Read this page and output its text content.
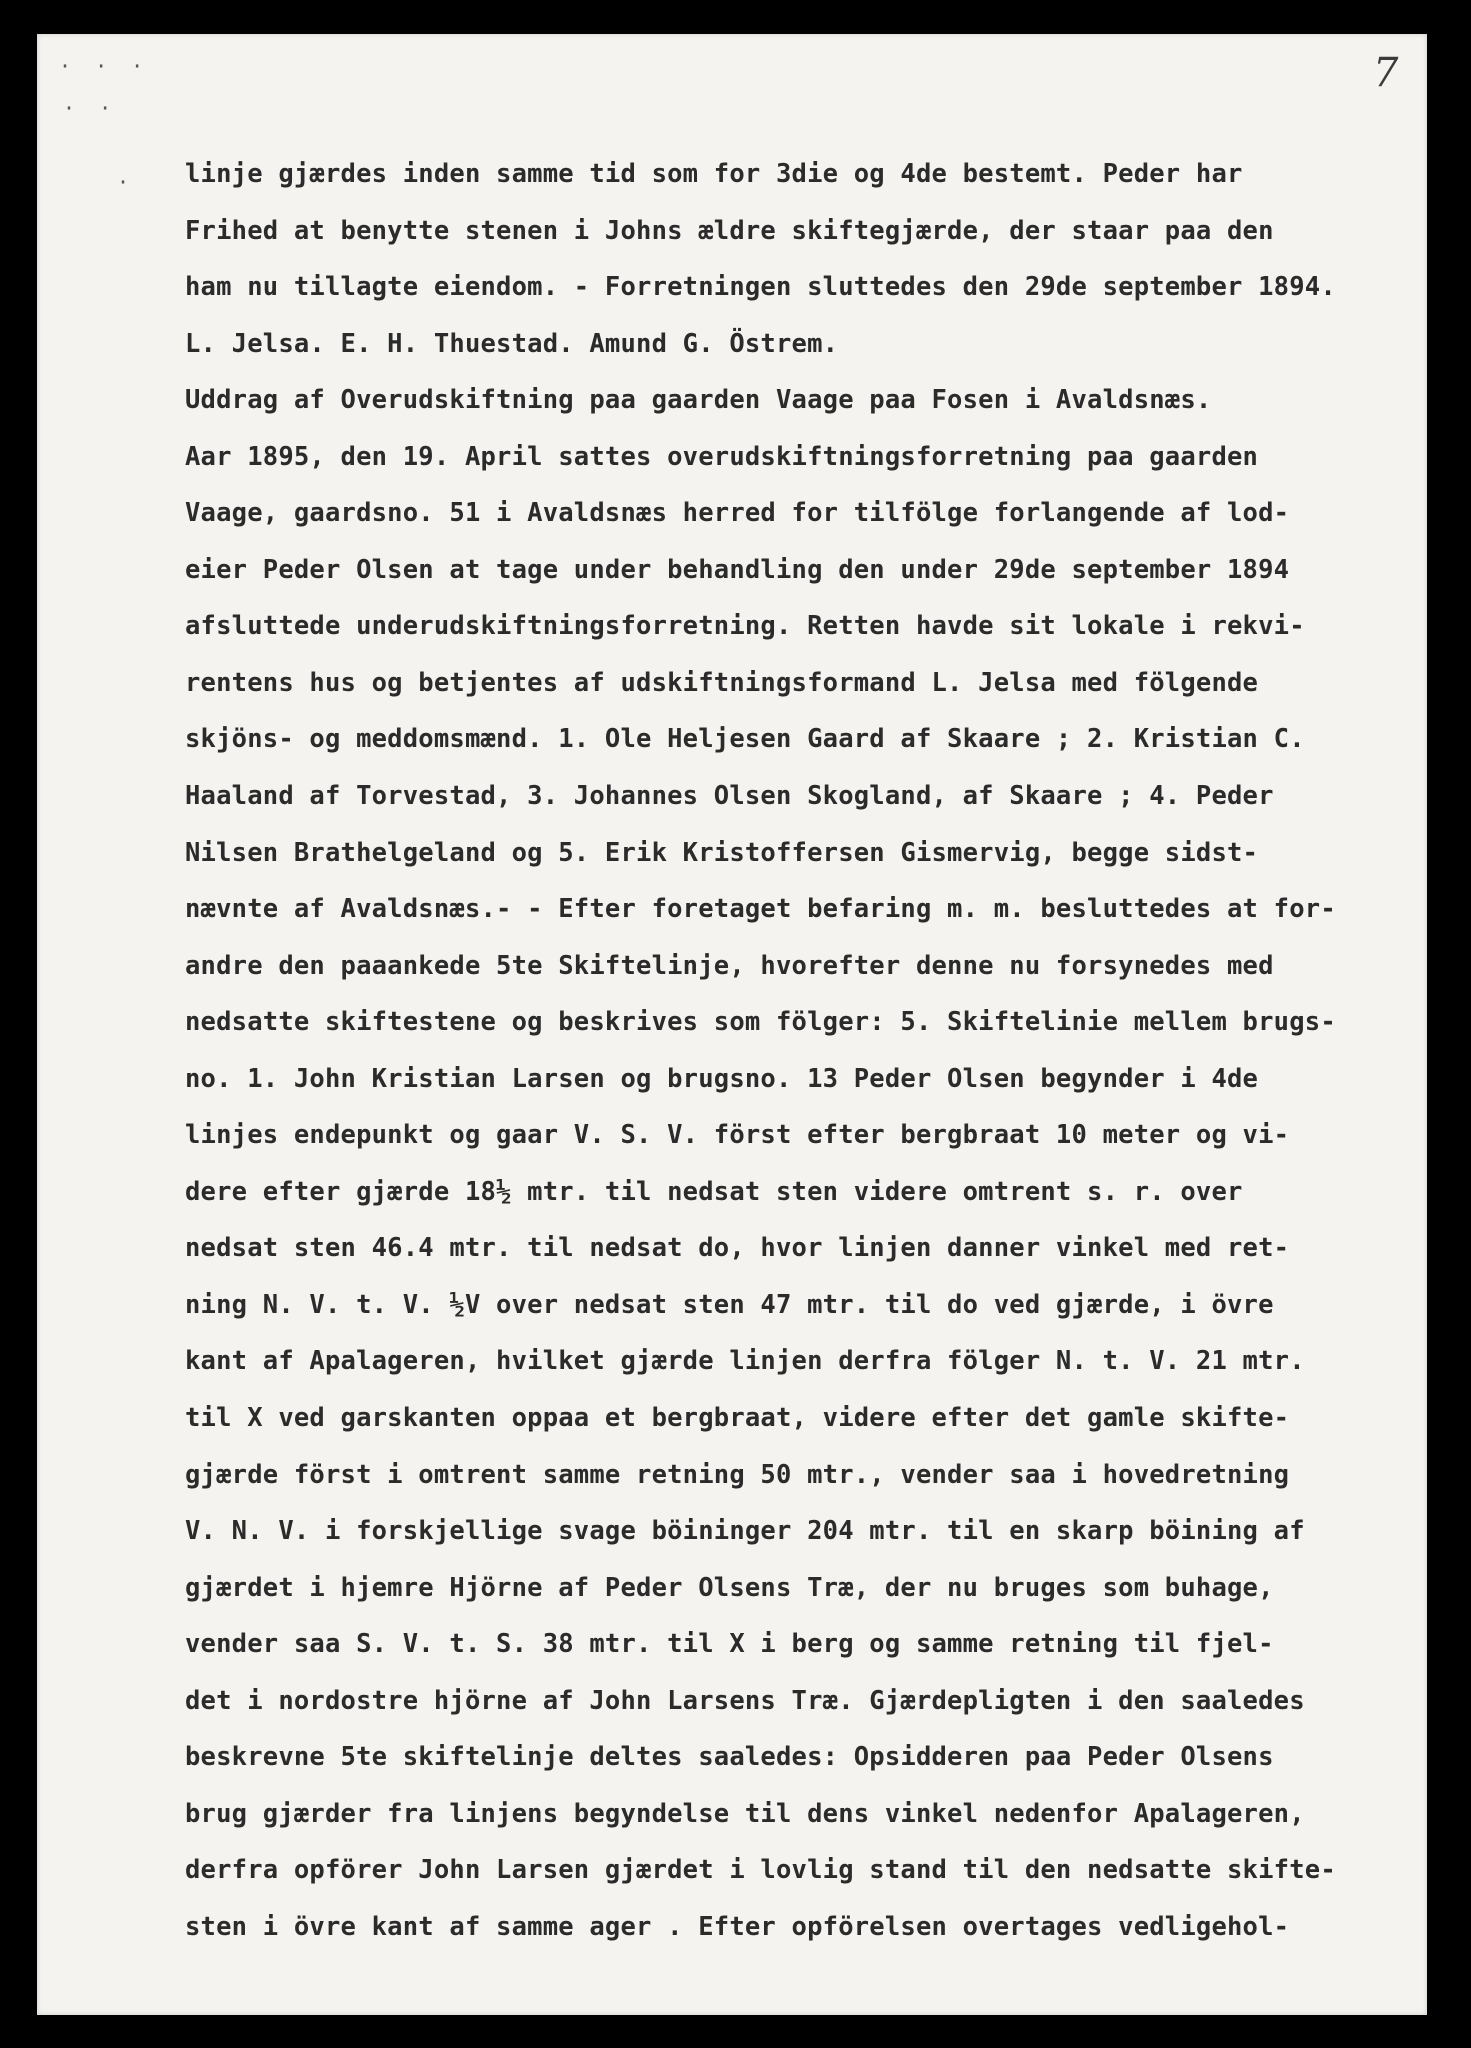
· · ·
· ·
·
7
linje gjærdes inden samme tid som for 3die og 4de bestemt. Peder har
Frihed at benytte stenen i Johns ældre skiftegjærde, der staar paa den
ham nu tillagte eiendom. - Forretningen sluttedes den 29de september 1894.
L. Jelsa. E. H. Thuestad. Amund G. Östrem.
Uddrag af Overudskiftning paa gaarden Vaage paa Fosen i Avaldsnæs.
Aar 1895, den 19. April sattes overudskiftningsforretning paa gaarden
Vaage, gaardsno. 51 i Avaldsnæs herred for tilfölge forlangende af lod-
eier Peder Olsen at tage under behandling den under 29de september 1894
afsluttede underudskiftningsforretning. Retten havde sit lokale i rekvi-
rentens hus og betjentes af udskiftningsformand L. Jelsa med fölgende
skjöns- og meddomsmænd. 1. Ole Heljesen Gaard af Skaare ; 2. Kristian C.
Haaland af Torvestad, 3. Johannes Olsen Skogland, af Skaare ; 4. Peder
Nilsen Brathelgeland og 5. Erik Kristoffersen Gismervig, begge sidst-
nævnte af Avaldsnæs.- - Efter foretaget befaring m. m. besluttedes at for-
andre den paaankede 5te Skiftelinje, hvorefter denne nu forsynedes med
nedsatte skiftestene og beskrives som fölger: 5. Skiftelinie mellem brugs-
no. 1. John Kristian Larsen og brugsno. 13 Peder Olsen begynder i 4de
linjes endepunkt og gaar V. S. V. först efter bergbraat 10 meter og vi-
dere efter gjærde 18½ mtr. til nedsat sten videre omtrent s. r. over
nedsat sten 46.4 mtr. til nedsat do, hvor linjen danner vinkel med ret-
ning N. V. t. V. ½V over nedsat sten 47 mtr. til do ved gjærde, i övre
kant af Apalageren, hvilket gjærde linjen derfra fölger N. t. V. 21 mtr.
til X ved garskanten oppaa et bergbraat, videre efter det gamle skifte-
gjærde först i omtrent samme retning 50 mtr., vender saa i hovedretning
V. N. V. i forskjellige svage böininger 204 mtr. til en skarp böining af
gjærdet i hjemre Hjörne af Peder Olsens Træ, der nu bruges som buhage,
vender saa S. V. t. S. 38 mtr. til X i berg og samme retning til fjel-
det i nordostre hjörne af John Larsens Træ. Gjærdepligten i den saaledes
beskrevne 5te skiftelinje deltes saaledes: Opsidderen paa Peder Olsens
brug gjærder fra linjens begyndelse til dens vinkel nedenfor Apalageren,
derfra opförer John Larsen gjærdet i lovlig stand til den nedsatte skifte-
sten i övre kant af samme ager . Efter opförelsen overtages vedligehol-
